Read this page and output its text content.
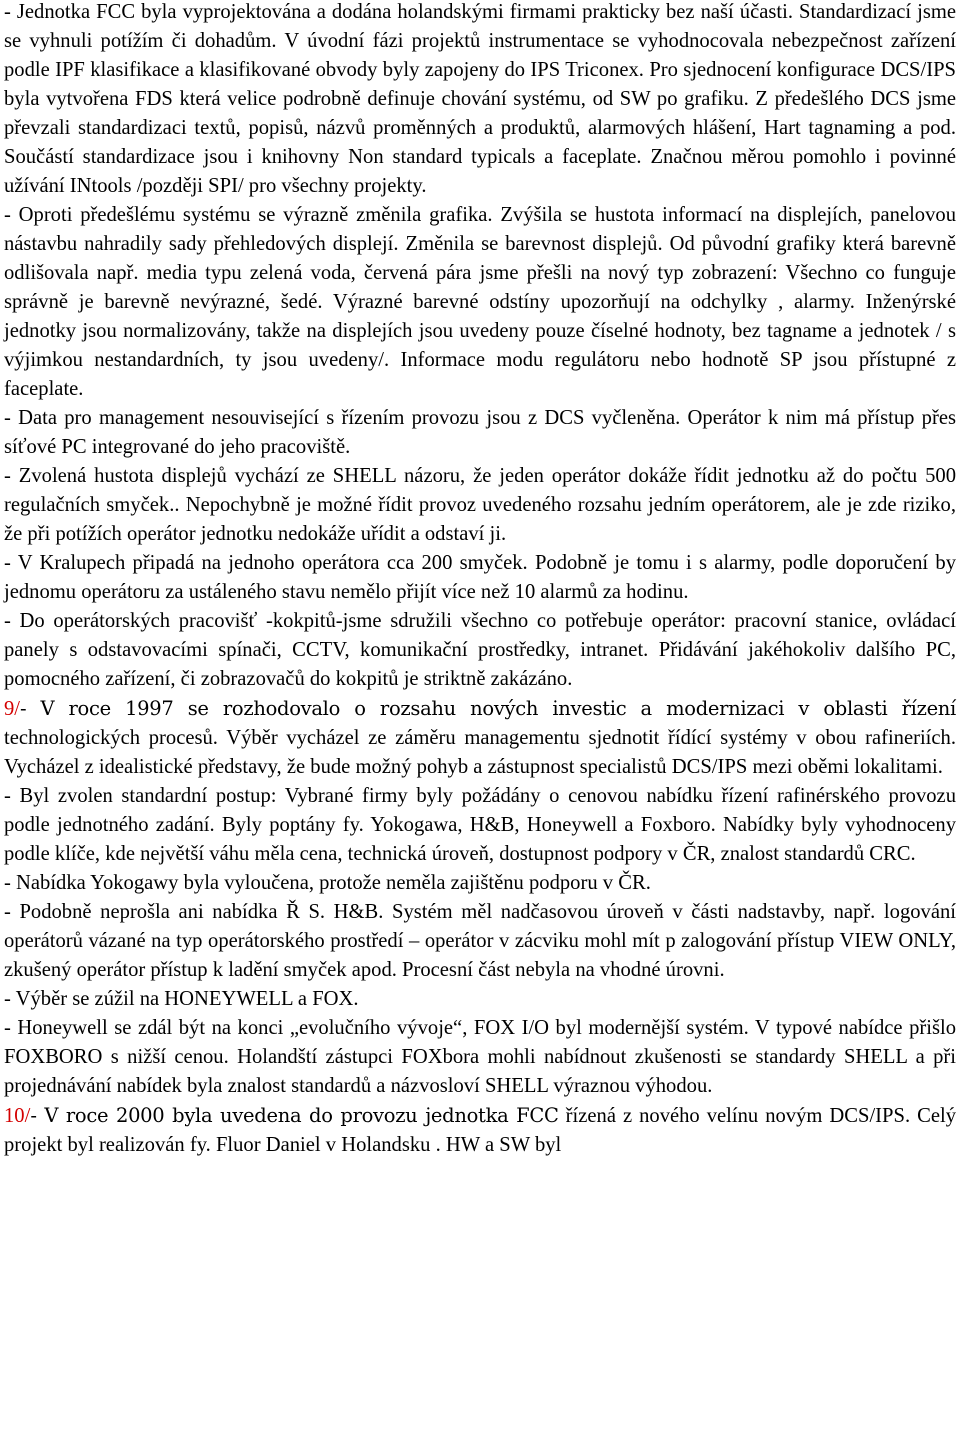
- Jednotka FCC byla vyprojektována a dodána holandskými firmami prakticky bez naší účasti. Standardizací jsme se vyhnuli potížím či dohadům. V úvodní fázi projektů instrumentace se vyhodnocovala nebezpečnost zařízení podle IPF klasifikace a klasifikované obvody byly zapojeny do IPS Triconex. Pro sjednocení konfigurace DCS/IPS byla vytvořena FDS která velice podrobně definuje chování systému, od SW po grafiku. Z předešlého DCS jsme převzali standardizaci textů, popisů, názvů proměnných a produktů, alarmových hlášení, Hart tagnaming a pod. Součástí standardizace jsou i knihovny Non standard typicals a faceplate. Značnou měrou pomohlo i povinné užívání INtools /později SPI/ pro všechny projekty.

- Oproti předešlému systému se výrazně změnila grafika. Zvýšila se hustota informací na displejích, panelovou nástavbu nahradily sady přehledových displejí. Změnila se barevnost displejů. Od původní grafiky která barevně odlišovala např. media typu zelená voda, červená pára jsme přešli na nový typ zobrazení: Všechno co funguje správně je barevně nevýrazné, šedé. Výrazné barevné odstíny upozorňují na odchylky , alarmy. Inženýrské jednotky jsou normalizovány, takže na displejích jsou uvedeny pouze číselné hodnoty, bez tagname a jednotek / s výjimkou nestandardních, ty jsou uvedeny/. Informace modu regulátoru nebo hodnotě SP jsou přístupné z faceplate.

- Data pro management nesouvisející s řízením provozu jsou z DCS vyčleněna. Operátor k nim má přístup přes síťové PC integrované do jeho pracoviště.

- Zvolená hustota displejů vychází ze SHELL názoru, že jeden operátor dokáže řídit jednotku až do počtu 500 regulačních smyček.. Nepochybně je možné řídit provoz uvedeného rozsahu jedním operátorem, ale je zde riziko, že při potížích operátor jednotku nedokáže uřídit a odstaví ji.

- V Kralupech připadá na jednoho operátora cca 200 smyček. Podobně je tomu i s alarmy, podle doporučení by jednomu operátoru za ustáleného stavu nemělo přijít více než 10 alarmů za hodinu.

- Do operátorských pracovišť -kokpitů-jsme sdružili všechno co potřebuje operátor: pracovní stanice, ovládací panely s odstavovacími spínači, CCTV, komunikační prostředky, intranet. Přidávání jakéhokoliv dalšího PC, pomocného zařízení, či zobrazovačů do kokpitů je striktně zakázáno.

9/- V roce 1997 se rozhodovalo o rozsahu nových investic a modernizaci v oblasti řízení technologických procesů. Výběr vycházel ze záměru managementu sjednotit řídící systémy v obou rafineriích. Vycházel z idealistické představy, že bude možný pohyb a zástupnost specialistů DCS/IPS mezi oběmi lokalitami.

- Byl zvolen standardní postup: Vybrané firmy byly požádány o cenovou nabídku řízení rafinérského provozu podle jednotného zadání. Byly poptány fy. Yokogawa, H&B, Honeywell a Foxboro. Nabídky byly vyhodnoceny podle klíče, kde největší váhu měla cena, technická úroveň, dostupnost podpory v ČR, znalost standardů CRC.

- Nabídka Yokogawy byla vyloučena, protože neměla zajištěnu podporu v ČR.

- Podobně neprošla ani nabídka Ř S. H&B. Systém měl nadčasovou úroveň v části nadstavby, např. logování operátorů vázané na typ operátorského prostředí – operátor v zácviku mohl mít p zalogování přístup VIEW ONLY, zkušený operátor přístup k ladění smyček apod. Procesní část nebyla na vhodné úrovni.

- Výběr se zúžil na HONEYWELL a FOX.

- Honeywell se zdál být na konci „evolučního vývoje“, FOX I/O byl modernější systém. V typové nabídce přišlo FOXBORO s nižší cenou. Holandští zástupci FOXbora mohli nabídnout zkušenosti se standardy SHELL a při projednávání nabídek byla znalost standardů a názvosloví SHELL výraznou výhodou.

10/- V roce 2000 byla uvedena do provozu jednotka FCC řízená z nového velínu novým DCS/IPS. Celý projekt byl realizován fy. Fluor Daniel v Holandsku . HW a SW byl
